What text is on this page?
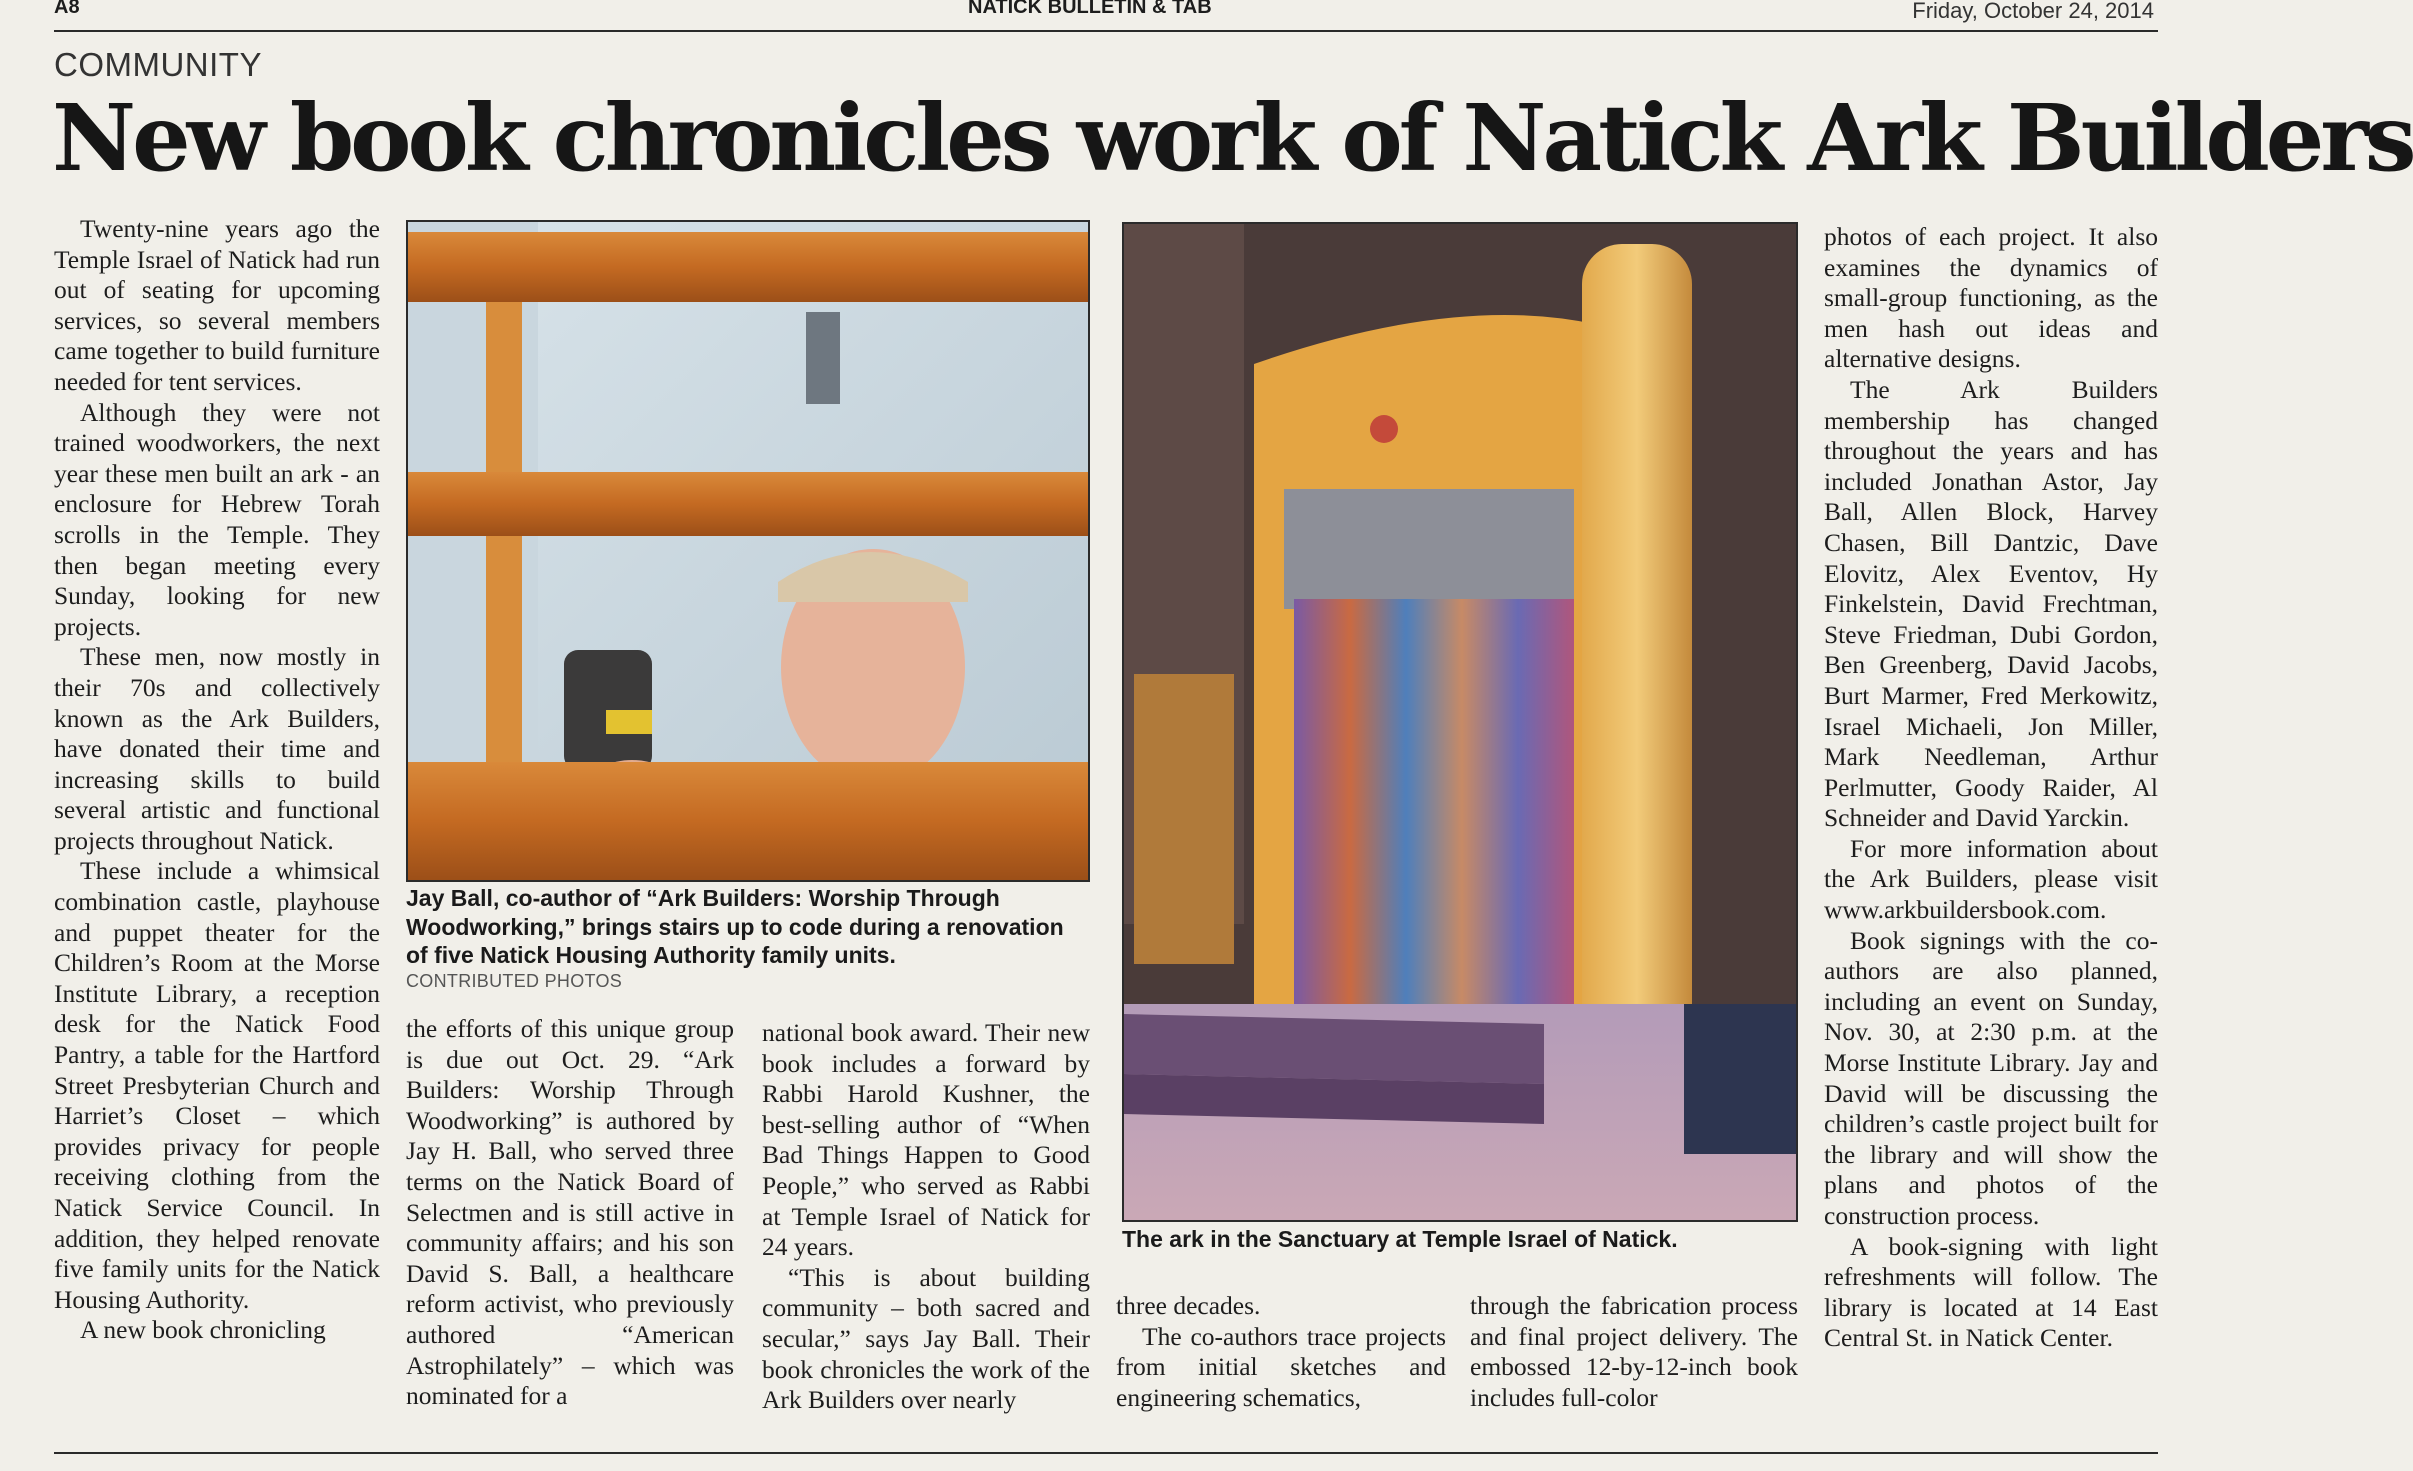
A8	NATICK BULLETIN & TAB	Friday, October 24, 2014
COMMUNITY
New book chronicles work of Natick Ark Builders

Twenty-nine years ago the Temple Israel of Natick had run out of seating for upcoming services, so several members came together to build furniture needed for tent services.

Although they were not trained woodworkers, the next year these men built an ark - an enclosure for Hebrew Torah scrolls in the Temple. They then began meeting every Sunday, looking for new projects.

These men, now mostly in their 70s and collectively known as the Ark Builders, have donated their time and increasing skills to build several artistic and functional projects throughout Natick.

These include a whimsical combination castle, playhouse and puppet theater for the Children’s Room at the Morse Institute Library, a reception desk for the Natick Food Pantry, a table for the Hartford Street Presbyterian Church and Harriet’s Closet – which provides privacy for people receiving clothing from the Natick Service Council. In addition, they helped renovate five family units for the Natick Housing Authority.

A new book chronicling

Jay Ball, co-author of “Ark Builders: Worship Through Woodworking,” brings stairs up to code during a renovation of five Natick Housing Authority family units.
CONTRIBUTED PHOTOS
The ark in the Sanctuary at Temple Israel of Natick.

the efforts of this unique group is due out Oct. 29. “Ark Builders: Worship Through Woodworking” is authored by Jay H. Ball, who served three terms on the Natick Board of Selectmen and is still active in community affairs; and his son David S. Ball, a healthcare reform activist, who previously authored “American Astrophilately” – which was nominated for a

national book award. Their new book includes a forward by Rabbi Harold Kushner, the best-selling author of “When Bad Things Happen to Good People,” who served as Rabbi at Temple Israel of Natick for 24 years.

“This is about building community – both sacred and secular,” says Jay Ball. Their book chronicles the work of the Ark Builders over nearly

three decades.

The co-authors trace projects from initial sketches and engineering schematics,

through the fabrication process and final project delivery. The embossed 12-by-12-inch book includes full-color

photos of each project. It also examines the dynamics of small-group functioning, as the men hash out ideas and alternative designs.

The Ark Builders membership has changed throughout the years and has included Jonathan Astor, Jay Ball, Allen Block, Harvey Chasen, Bill Dantzic, Dave Elovitz, Alex Eventov, Hy Finkelstein, David Frechtman, Steve Friedman, Dubi Gordon, Ben Greenberg, David Jacobs, Burt Marmer, Fred Merkowitz, Israel Michaeli, Jon Miller, Mark Needleman, Arthur Perlmutter, Goody Raider, Al Schneider and David Yarckin.

For more information about the Ark Builders, please visit www.arkbuildersbook.com.

Book signings with the co-authors are also planned, including an event on Sunday, Nov. 30, at 2:30 p.m. at the Morse Institute Library. Jay and David will be discussing the children’s castle project built for the library and will show the plans and photos of the construction process.

A book-signing with light refreshments will follow. The library is located at 14 East Central St. in Natick Center.
